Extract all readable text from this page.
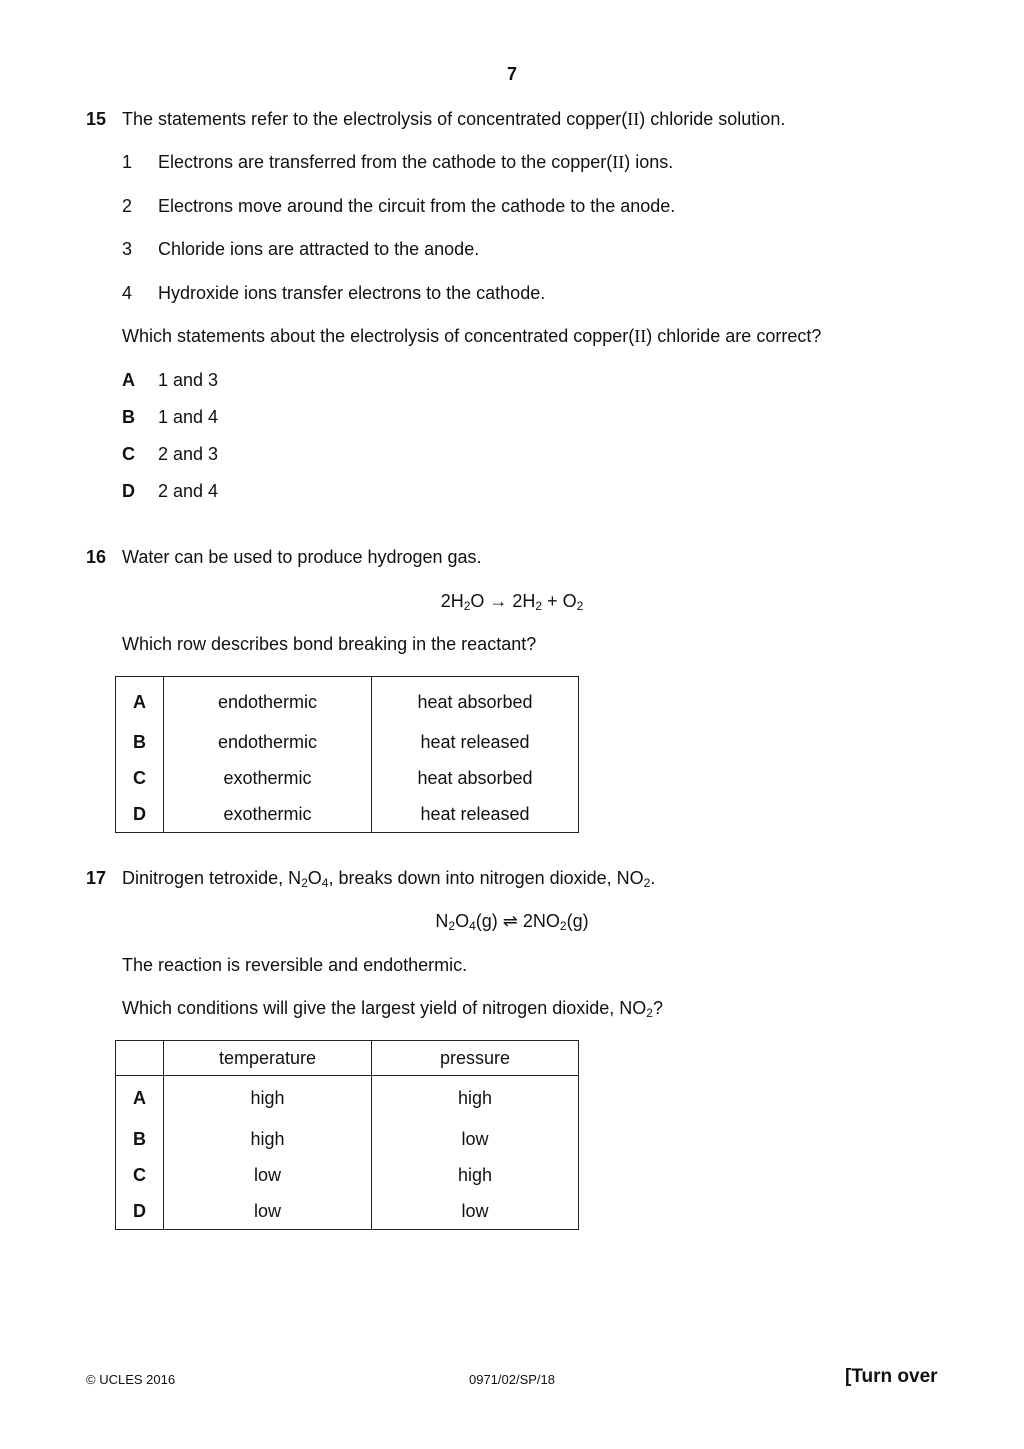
7
15 The statements refer to the electrolysis of concentrated copper(II) chloride solution.
1 Electrons are transferred from the cathode to the copper(II) ions.
2 Electrons move around the circuit from the cathode to the anode.
3 Chloride ions are attracted to the anode.
4 Hydroxide ions transfer electrons to the cathode.
Which statements about the electrolysis of concentrated copper(II) chloride are correct?
A 1 and 3
B 1 and 4
C 2 and 3
D 2 and 4
16 Water can be used to produce hydrogen gas.
$2H_2O \to 2H_2 + O_2$
Which row describes bond breaking in the reactant?
A	endothermic	heat absorbed
B	endothermic	heat released
C	exothermic	heat absorbed
D	exothermic	heat released
17 Dinitrogen tetroxide, $N_2O_4$, breaks down into nitrogen dioxide, $NO_2$.
$N_2O_4(g)$ ⇌ $2NO_2(g)$
The reaction is reversible and endothermic.
Which conditions will give the largest yield of nitrogen dioxide, $NO_2$?
	temperature	pressure
A	high	high
B	high	low
C	low	high
D	low	low
© UCLES 2016	0971/02/SP/18	[Turn over
